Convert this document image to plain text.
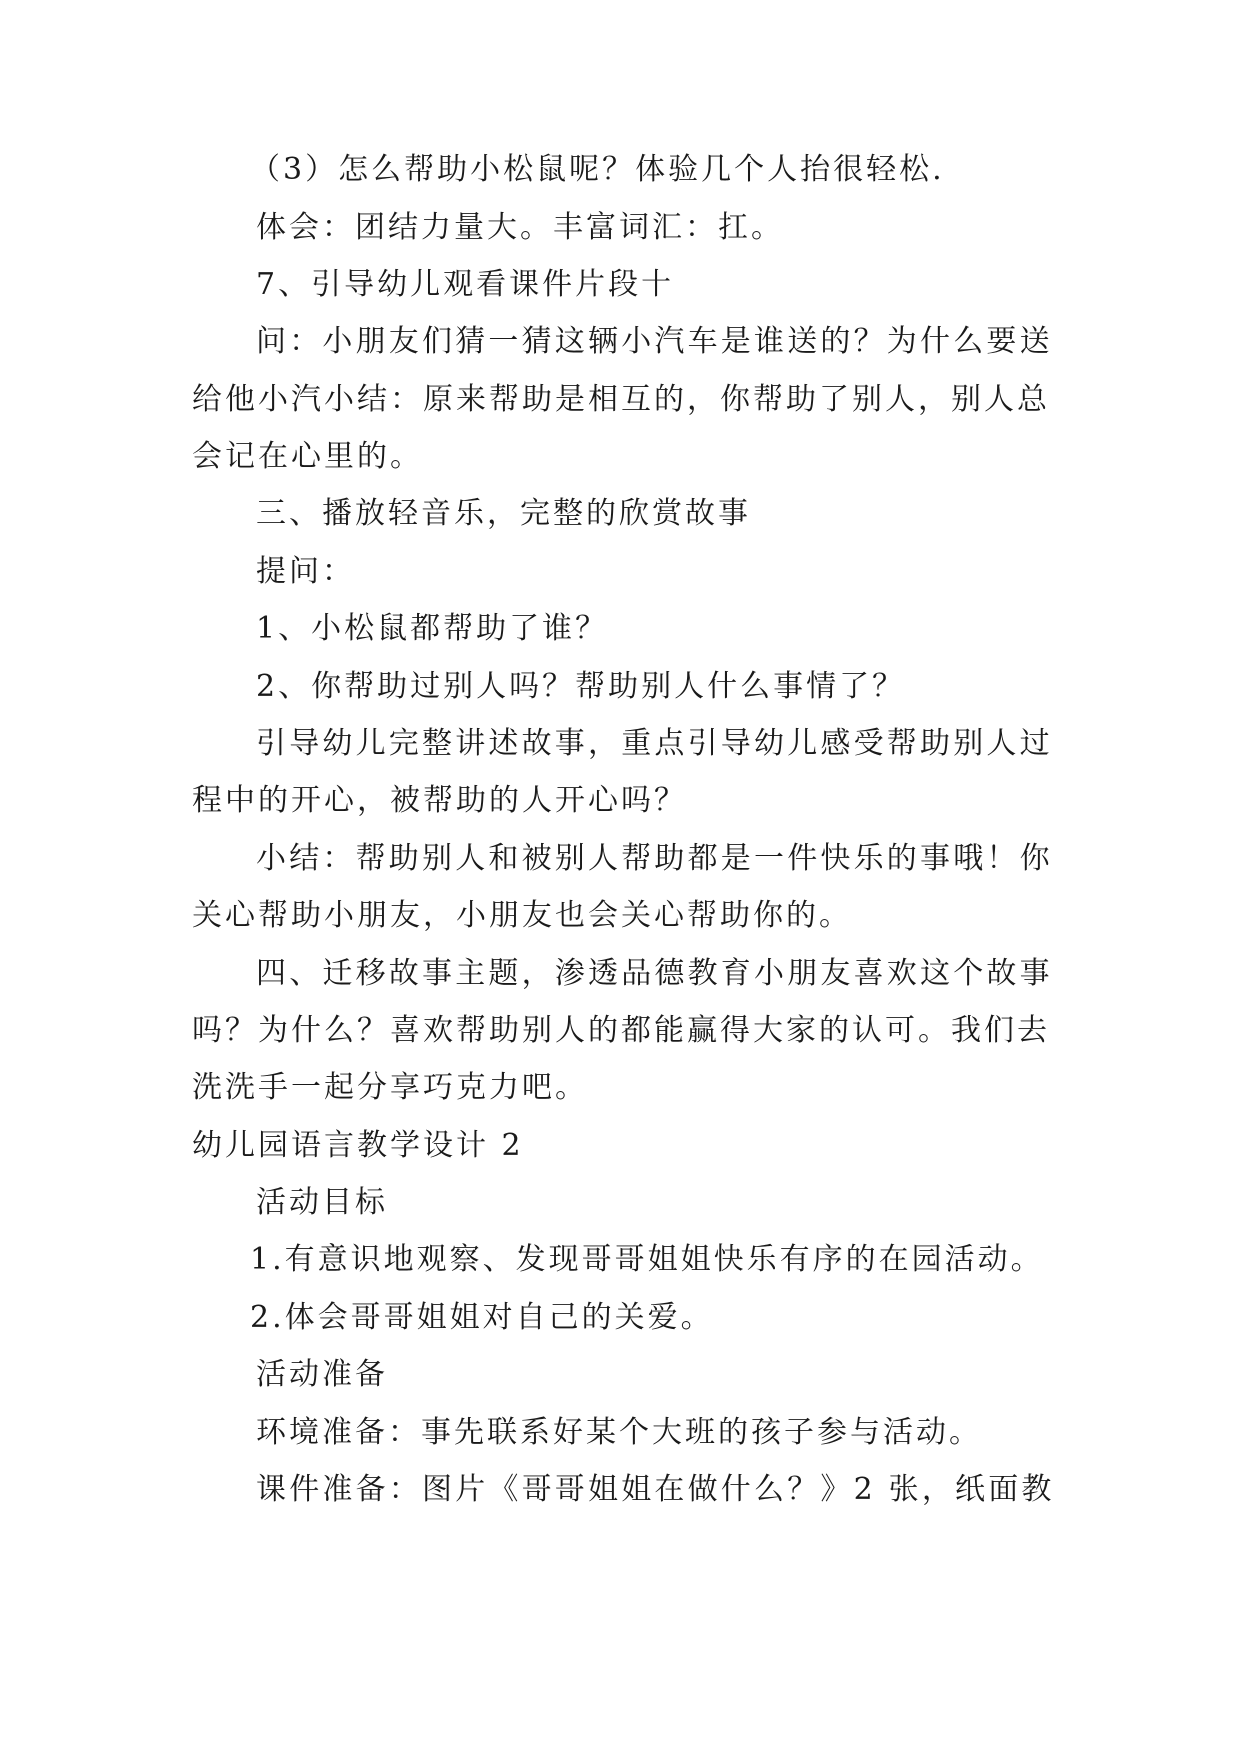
（3）怎么帮助小松鼠呢？体验几个人抬很轻松.
体会：团结力量大。丰富词汇：扛。
7、引导幼儿观看课件片段十
问：小朋友们猜一猜这辆小汽车是谁送的？为什么要送
给他小汽小结：原来帮助是相互的，你帮助了别人，别人总
会记在心里的。
三、播放轻音乐，完整的欣赏故事
提问：
1、小松鼠都帮助了谁？
2、你帮助过别人吗？帮助别人什么事情了？
引导幼儿完整讲述故事，重点引导幼儿感受帮助别人过
程中的开心，被帮助的人开心吗？
小结：帮助别人和被别人帮助都是一件快乐的事哦！你
关心帮助小朋友，小朋友也会关心帮助你的。
四、迁移故事主题，渗透品德教育小朋友喜欢这个故事
吗？为什么？喜欢帮助别人的都能赢得大家的认可。我们去
洗洗手一起分享巧克力吧。
幼儿园语言教学设计 2
活动目标
1.有意识地观察、发现哥哥姐姐快乐有序的在园活动。
2.体会哥哥姐姐对自己的关爱。
活动准备
环境准备：事先联系好某个大班的孩子参与活动。
课件准备：图片《哥哥姐姐在做什么？》2 张，纸面教
